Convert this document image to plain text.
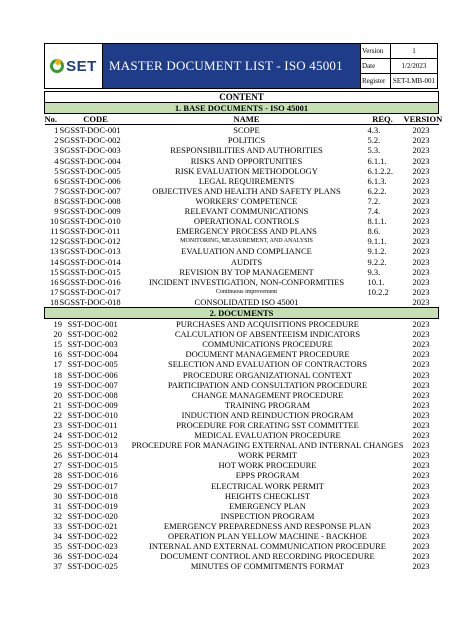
SET MASTER DOCUMENT LIST - ISO 45001
Version	1
Date	1/2/2023
Register	SET-LMB-001
CONTENT				
1. BASE DOCUMENTS - ISO 45001				
No.	CODE	NAME	REQ.	VERSION
1	SGSST-DOC-001	SCOPE	4.3.	2023
2	SGSST-DOC-002	POLITICS	5.2.	2023
3	SGSST-DOC-003	RESPONSIBILITIES AND AUTHORITIES	5.3.	2023
4	SGSST-DOC-004	RISKS AND OPPORTUNITIES	6.1.1.	2023
5	SGSST-DOC-005	RISK EVALUATION METHODOLOGY	6.1.2.2.	2023
6	SGSST-DOC-006	LEGAL REQUIREMENTS	6.1.3.	2023
7	SGSST-DOC-007	OBJECTIVES AND HEALTH AND SAFETY PLANS	6.2.2.	2023
8	SGSST-DOC-008	WORKERS' COMPETENCE	7.2.	2023
9	SGSST-DOC-009	RELEVANT COMMUNICATIONS	7.4.	2023
10	SGSST-DOC-010	OPERATIONAL CONTROLS	8.1.1.	2023
11	SGSST-DOC-011	EMERGENCY PROCESS AND PLANS	8.6.	2023
12	SGSST-DOC-012	MONITORING, MEASUREMENT, AND ANALYSIS	9.1.1.	2023
13	SGSST-DOC-013	EVALUATION AND COMPLIANCE	9.1.2.	2023
14	SGSST-DOC-014	AUDITS	9.2.2.	2023
15	SGSST-DOC-015	REVISION BY TOP MANAGEMENT	9.3.	2023
16	SGSST-DOC-016	INCIDENT INVESTIGATION, NON-CONFORMITIES	10.1.	2023
17	SGSST-DOC-017	Continuous improvement	10.2.2	2023
18	SGSST-DOC-018	CONSOLIDATED ISO 45001		2023
2. DOCUMENTS				
19	SST-DOC-001	PURCHASES AND ACQUISITIONS PROCEDURE		2023
20	SST-DOC-002	CALCULATION OF ABSENTEEISM INDICATORS		2023
15	SST-DOC-003	COMMUNICATIONS PROCEDURE		2023
16	SST-DOC-004	DOCUMENT MANAGEMENT PROCEDURE		2023
17	SST-DOC-005	SELECTION AND EVALUATION OF CONTRACTORS		2023
18	SST-DOC-006	PROCEDURE ORGANIZATIONAL CONTEXT		2023
19	SST-DOC-007	PARTICIPATION AND CONSULTATION PROCEDURE		2023
20	SST-DOC-008	CHANGE MANAGEMENT PROCEDURE		2023
21	SST-DOC-009	TRAINING PROGRAM		2023
22	SST-DOC-010	INDUCTION AND REINDUCTION PROGRAM		2023
23	SST-DOC-011	PROCEDURE FOR CREATING SST COMMITTEE		2023
24	SST-DOC-012	MEDICAL EVALUATION PROCEDURE		2023
25	SST-DOC-013	PROCEDURE FOR MANAGING EXTERNAL AND INTERNAL CHANGES		2023
26	SST-DOC-014	WORK PERMIT		2023
27	SST-DOC-015	HOT WORK PROCEDURE		2023
28	SST-DOC-016	EPPS PROGRAM		2023
29	SST-DOC-017	ELECTRICAL WORK PERMIT		2023
30	SST-DOC-018	HEIGHTS CHECKLIST		2023
31	SST-DOC-019	EMERGENCY PLAN		2023
32	SST-DOC-020	INSPECTION PROGRAM		2023
33	SST-DOC-021	EMERGENCY PREPAREDNESS AND RESPONSE PLAN		2023
34	SST-DOC-022	OPERATION PLAN YELLOW MACHINE - BACKHOE		2023
35	SST-DOC-023	INTERNAL AND EXTERNAL COMMUNICATION PROCEDURE		2023
36	SST-DOC-024	DOCUMENT CONTROL AND RECORDING PROCEDURE		2023
37	SST-DOC-025	MINUTES OF COMMITMENTS FORMAT		2023
